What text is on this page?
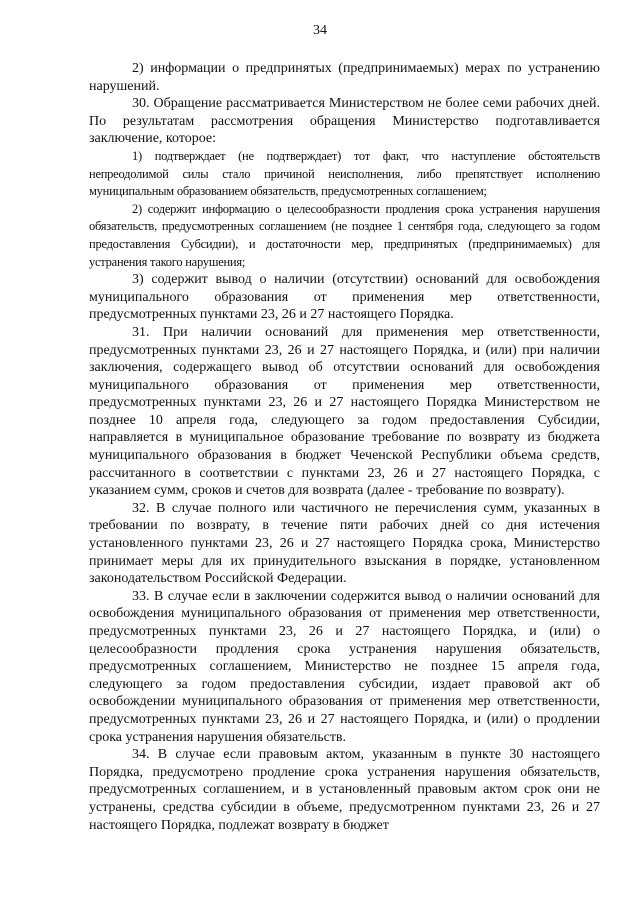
34

2) информации о предпринятых (предпринимаемых) мерах по устранению нарушений.

30. Обращение рассматривается Министерством не более семи рабочих дней. По результатам рассмотрения обращения Министерство подготавливается заключение, которое:

1) подтверждает (не подтверждает) тот факт, что наступление обстоятельств непреодолимой силы стало причиной неисполнения, либо препятствует исполнению муниципальным образованием обязательств, предусмотренных соглашением;

2) содержит информацию о целесообразности продления срока устранения нарушения обязательств, предусмотренных соглашением (не позднее 1 сентября года, следующего за годом предоставления Субсидии), и достаточности мер, предпринятых (предпринимаемых) для устранения такого нарушения;

3) содержит вывод о наличии (отсутствии) оснований для освобождения муниципального образования от применения мер ответственности, предусмотренных пунктами 23, 26 и 27 настоящего Порядка.

31. При наличии оснований для применения мер ответственности, предусмотренных пунктами 23, 26 и 27 настоящего Порядка, и (или) при наличии заключения, содержащего вывод об отсутствии оснований для освобождения муниципального образования от применения мер ответственности, предусмотренных пунктами 23, 26 и 27 настоящего Порядка Министерством не позднее 10 апреля года, следующего за годом предоставления Субсидии, направляется в муниципальное образование требование по возврату из бюджета муниципального образования в бюджет Чеченской Республики объема средств, рассчитанного в соответствии с пунктами 23, 26 и 27 настоящего Порядка, с указанием сумм, сроков и счетов для возврата (далее - требование по возврату).

32. В случае полного или частичного не перечисления сумм, указанных в требовании по возврату, в течение пяти рабочих дней со дня истечения установленного пунктами 23, 26 и 27 настоящего Порядка срока, Министерство принимает меры для их принудительного взыскания в порядке, установленном законодательством Российской Федерации.

33. В случае если в заключении содержится вывод о наличии оснований для освобождения муниципального образования от применения мер ответственности, предусмотренных пунктами 23, 26 и 27 настоящего Порядка, и (или) о целесообразности продления срока устранения нарушения обязательств, предусмотренных соглашением, Министерство не позднее 15 апреля года, следующего за годом предоставления субсидии, издает правовой акт об освобождении муниципального образования от применения мер ответственности, предусмотренных пунктами 23, 26 и 27 настоящего Порядка, и (или) о продлении срока устранения нарушения обязательств.

34. В случае если правовым актом, указанным в пункте 30 настоящего Порядка, предусмотрено продление срока устранения нарушения обязательств, предусмотренных соглашением, и в установленный правовым актом срок они не устранены, средства субсидии в объеме, предусмотренном пунктами 23, 26 и 27 настоящего Порядка, подлежат возврату в бюджет
